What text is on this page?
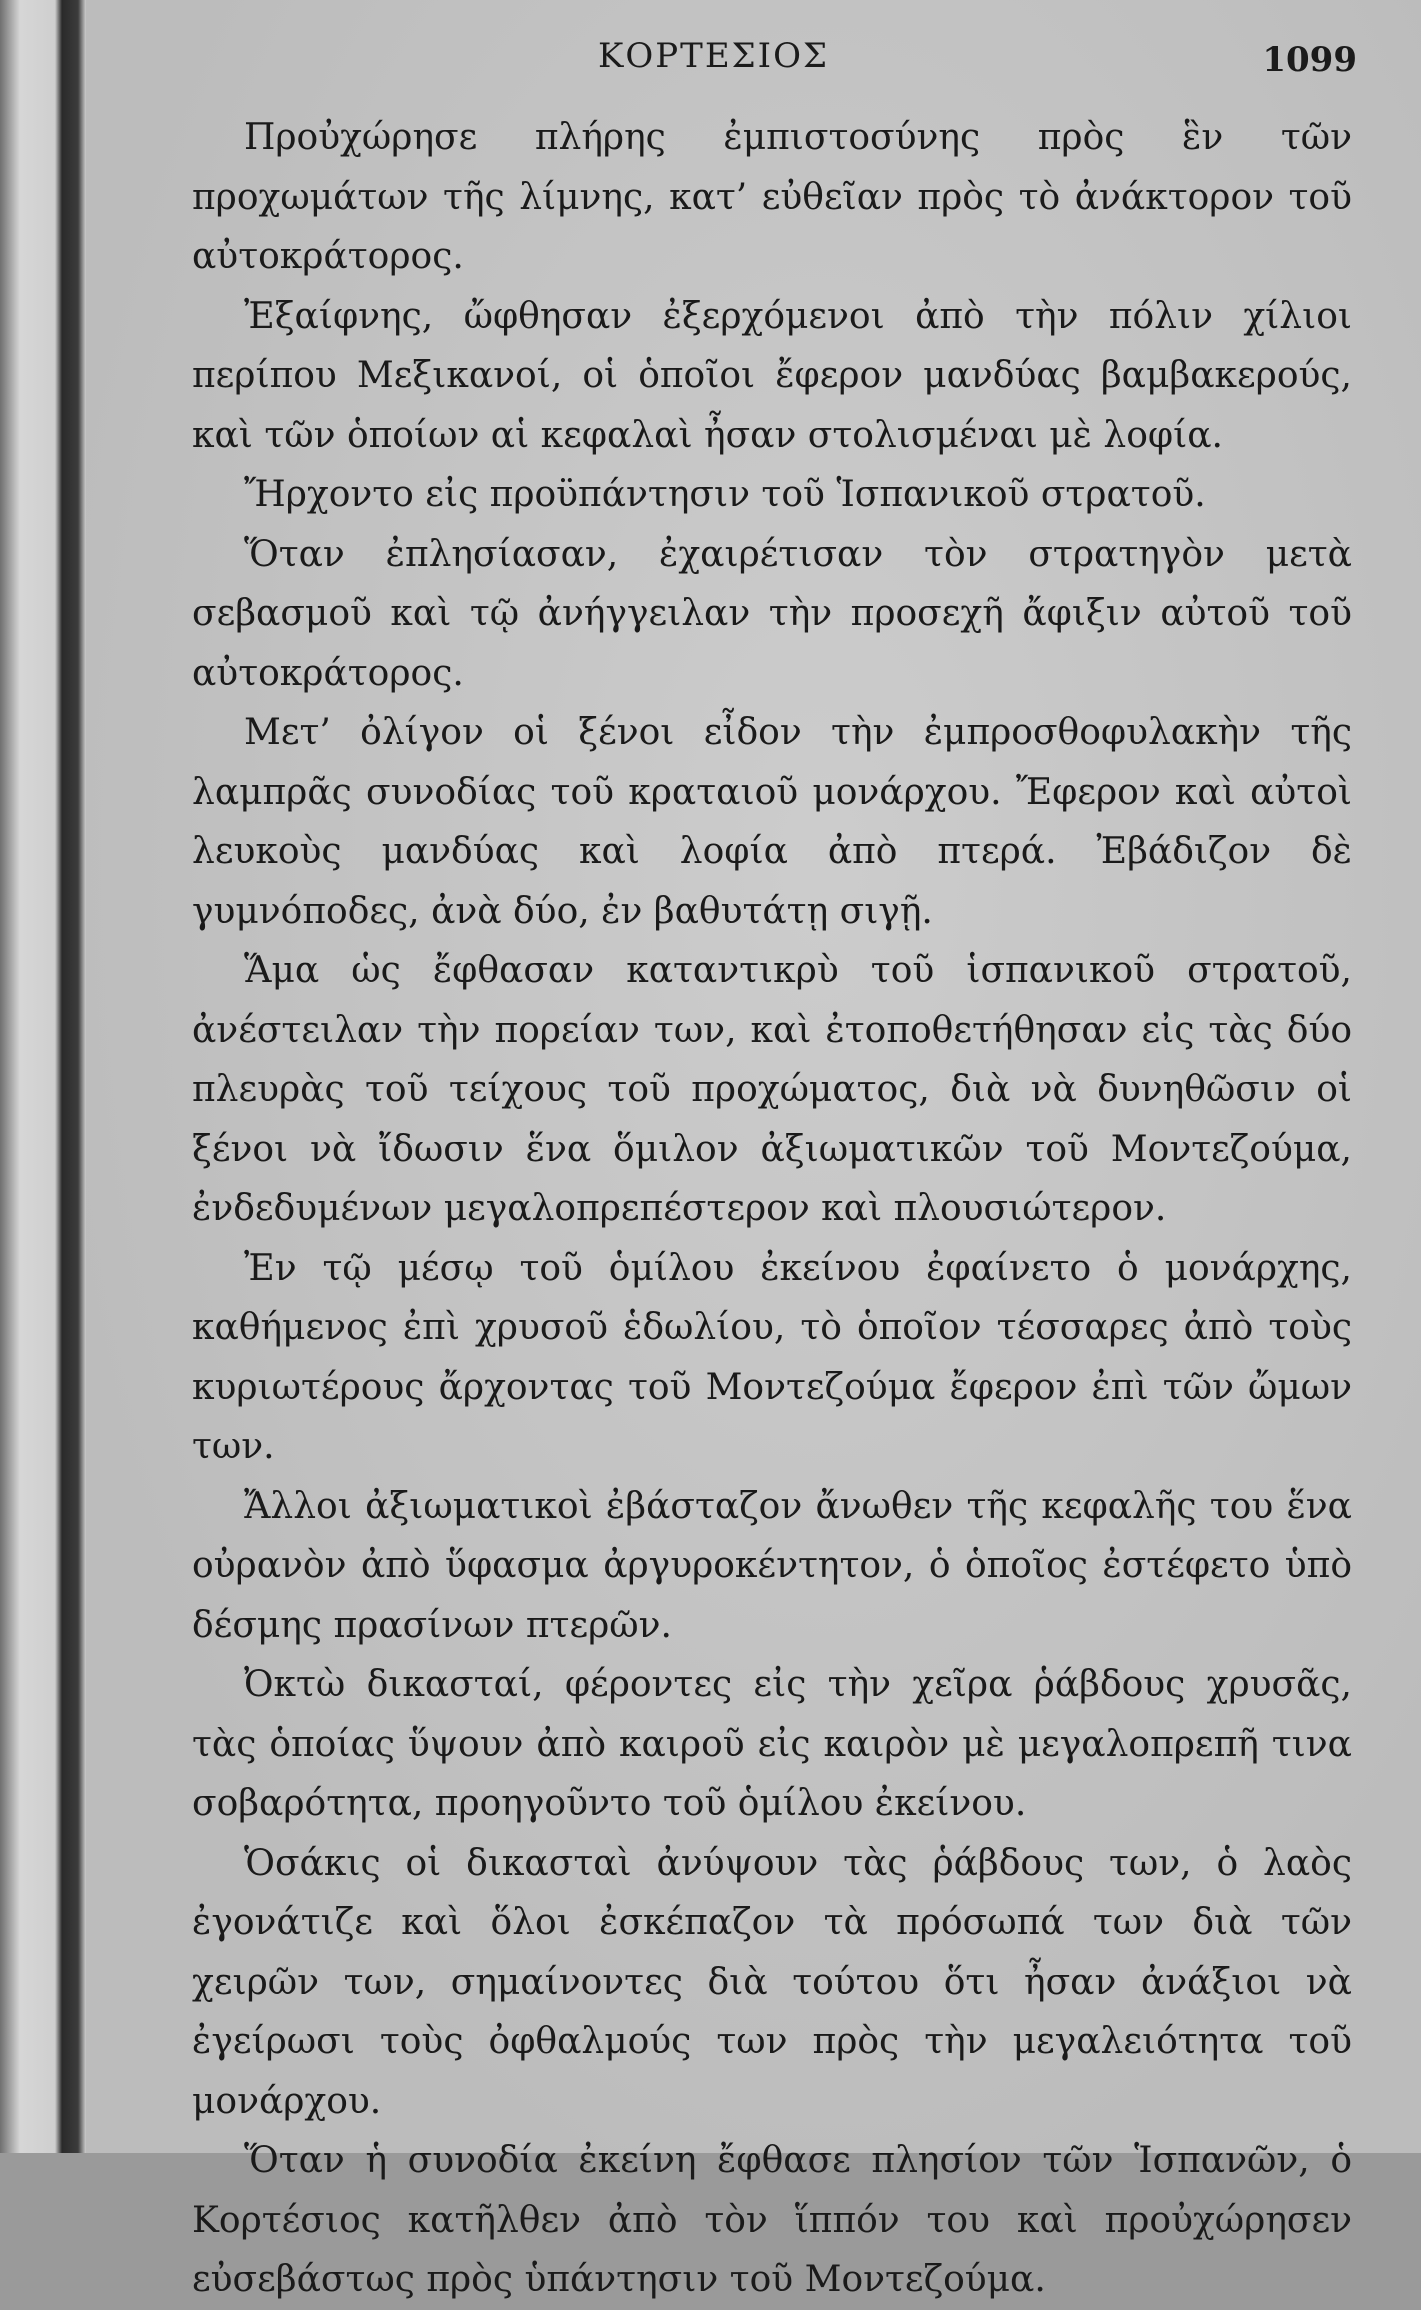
ΚΟΡΤΕΣΙΟΣ	1099

Προὐχώρησε πλήρης ἐμπιστοσύνης πρὸς ἓν τῶν προχωμάτων τῆς λίμνης, κατ’ εὐθεῖαν πρὸς τὸ ἀνάκτορον τοῦ αὐτοκράτορος.

Ἐξαίφνης, ὤφθησαν ἐξερχόμενοι ἀπὸ τὴν πόλιν χίλιοι περίπου Μεξικανοί, οἱ ὁποῖοι ἔφερον μανδύας βαμβακερούς, καὶ τῶν ὁποίων αἱ κεφαλαὶ ἦσαν στολισμέναι μὲ λοφία.

Ἤρχοντο εἰς προϋπάντησιν τοῦ Ἱσπανικοῦ στρατοῦ.

Ὅταν ἐπλησίασαν, ἐχαιρέτισαν τὸν στρατηγὸν μετὰ σεβασμοῦ καὶ τῷ ἀνήγγειλαν τὴν προσεχῆ ἄφιξιν αὐτοῦ τοῦ αὐτοκράτορος.

Μετ’ ὀλίγον οἱ ξένοι εἶδον τὴν ἐμπροσθοφυλακὴν τῆς λαμπρᾶς συνοδίας τοῦ κραταιοῦ μονάρχου. Ἔφερον καὶ αὐτοὶ λευκοὺς μανδύας καὶ λοφία ἀπὸ πτερά. Ἐβάδιζον δὲ γυμνόποδες, ἀνὰ δύο, ἐν βαθυτάτῃ σιγῇ.

Ἅμα ὡς ἔφθασαν καταντικρὺ τοῦ ἱσπανικοῦ στρατοῦ, ἀνέστειλαν τὴν πορείαν των, καὶ ἐτοποθετήθησαν εἰς τὰς δύο πλευρὰς τοῦ τείχους τοῦ προχώματος, διὰ νὰ δυνηθῶσιν οἱ ξένοι νὰ ἴδωσιν ἕνα ὅμιλον ἀξιωματικῶν τοῦ Μοντεζούμα, ἐνδεδυμένων μεγαλοπρεπέστερον καὶ πλουσιώτερον.

Ἐν τῷ μέσῳ τοῦ ὁμίλου ἐκείνου ἐφαίνετο ὁ μονάρχης, καθήμενος ἐπὶ χρυσοῦ ἑδωλίου, τὸ ὁποῖον τέσσαρες ἀπὸ τοὺς κυριωτέρους ἄρχοντας τοῦ Μοντεζούμα ἔφερον ἐπὶ τῶν ὤμων των.

Ἄλλοι ἀξιωματικοὶ ἐβάσταζον ἄνωθεν τῆς κεφαλῆς του ἕνα οὐρανὸν ἀπὸ ὕφασμα ἀργυροκέντητον, ὁ ὁποῖος ἐστέφετο ὑπὸ δέσμης πρασίνων πτερῶν.

Ὀκτὼ δικασταί, φέροντες εἰς τὴν χεῖρα ῥάβδους χρυσᾶς, τὰς ὁποίας ὕψουν ἀπὸ καιροῦ εἰς καιρὸν μὲ μεγαλοπρεπῆ τινα σοβαρότητα, προηγοῦντο τοῦ ὁμίλου ἐκείνου.

Ὁσάκις οἱ δικασταὶ ἀνύψουν τὰς ῥάβδους των, ὁ λαὸς ἐγονάτιζε καὶ ὅλοι ἐσκέπαζον τὰ πρόσωπά των διὰ τῶν χειρῶν των, σημαίνοντες διὰ τούτου ὅτι ἦσαν ἀνάξιοι νὰ ἐγείρωσι τοὺς ὀφθαλμούς των πρὸς τὴν μεγαλειότητα τοῦ μονάρχου.

Ὅταν ἡ συνοδία ἐκείνη ἔφθασε πλησίον τῶν Ἱσπανῶν, ὁ Κορτέσιος κατῆλθεν ἀπὸ τὸν ἵππόν του καὶ προὐχώρησεν εὐσεβάστως πρὸς ὑπάντησιν τοῦ Μοντεζούμα.
